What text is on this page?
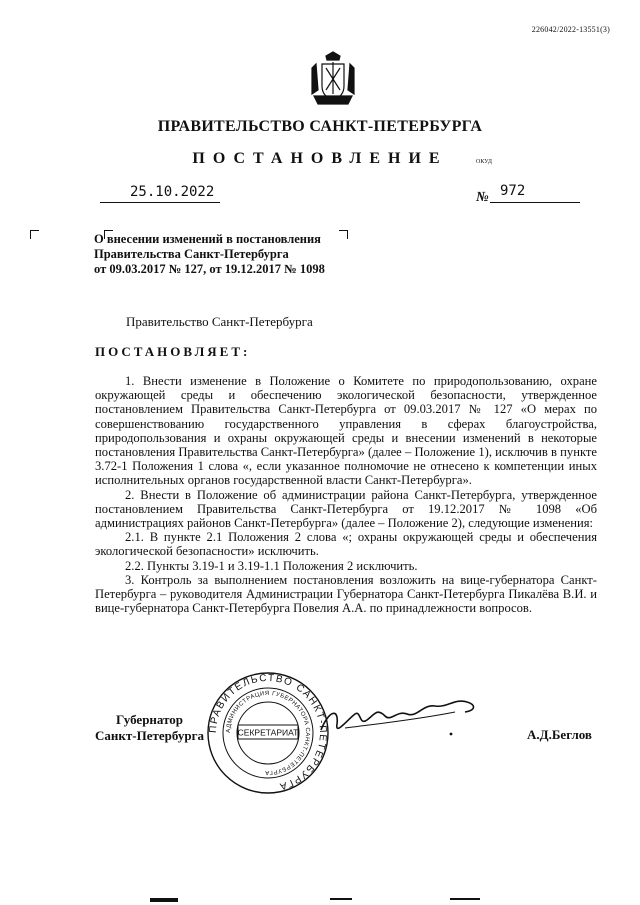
226042/2022-13551(3)
ПРАВИТЕЛЬСТВО САНКТ-ПЕТЕРБУРГА
ПОСТАНОВЛЕНИЕ	ОКУД
25.10.2022	№ 972
О внесении изменений в постановления
Правительства Санкт-Петербурга
от 09.03.2017 № 127, от 19.12.2017 № 1098
Правительство Санкт-Петербурга
ПОСТАНОВЛЯЕТ:

1. Внести изменение в Положение о Комитете по природопользованию, охране окружающей среды и обеспечению экологической безопасности, утвержденное постановлением Правительства Санкт-Петербурга от 09.03.2017 № 127 «О мерах по совершенствованию государственного управления в сферах благоустройства, природопользования и охраны окружающей среды и внесении изменений в некоторые постановления Правительства Санкт-Петербурга» (далее – Положение 1), исключив в пункте 3.72-1 Положения 1 слова «, если указанное полномочие не отнесено к компетенции иных исполнительных органов государственной власти Санкт-Петербурга».

2. Внести в Положение об администрации района Санкт-Петербурга, утвержденное постановлением Правительства Санкт-Петербурга от 19.12.2017 № 1098 «Об администрациях районов Санкт-Петербурга» (далее – Положение 2), следующие изменения:

2.1. В пункте 2.1 Положения 2 слова «; охраны окружающей среды и обеспечения экологической безопасности» исключить.

2.2. Пункты 3.19-1 и 3.19-1.1 Положения 2 исключить.

3. Контроль за выполнением постановления возложить на вице-губернатора Санкт-Петербурга – руководителя Администрации Губернатора Санкт-Петербурга Пикалёва В.И. и вице-губернатора Санкт-Петербурга Повелия А.А. по принадлежности вопросов.

Губернатор
Санкт-Петербурга ПРАВИТЕЛЬСТВО САНКТ-ПЕТЕРБУРГА
АДМИНИСТРАЦИЯ ГУБЕРНАТОРА САНКТ-ПЕТЕРБУРГА
СЕКРЕТАРИАТ	А.Д.Беглов
